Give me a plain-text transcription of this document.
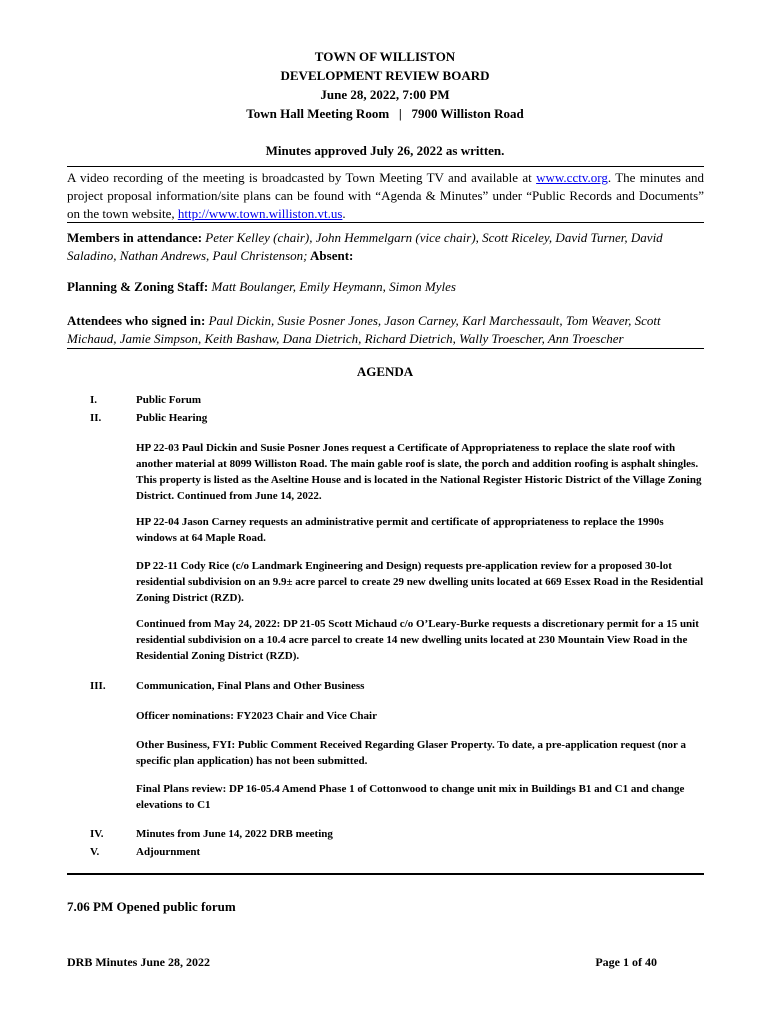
TOWN OF WILLISTON
DEVELOPMENT REVIEW BOARD
June 28, 2022, 7:00 PM
Town Hall Meeting Room   |   7900 Williston Road
Minutes approved July 26, 2022 as written.
A video recording of the meeting is broadcasted by Town Meeting TV and available at www.cctv.org. The minutes and project proposal information/site plans can be found with “Agenda & Minutes” under “Public Records and Documents” on the town website, http://www.town.williston.vt.us.
Members in attendance: Peter Kelley (chair), John Hemmelgarn (vice chair), Scott Riceley, David Turner, David Saladino, Nathan Andrews, Paul Christenson; Absent:
Planning & Zoning Staff: Matt Boulanger, Emily Heymann, Simon Myles
Attendees who signed in: Paul Dickin, Susie Posner Jones, Jason Carney, Karl Marchessault, Tom Weaver, Scott Michaud, Jamie Simpson, Keith Bashaw, Dana Dietrich, Richard Dietrich, Wally Troescher, Ann Troescher
AGENDA
I.	Public Forum
II.	Public Hearing
HP 22-03 Paul Dickin and Susie Posner Jones request a Certificate of Appropriateness to replace the slate roof with another material at 8099 Williston Road. The main gable roof is slate, the porch and addition roofing is asphalt shingles. This property is listed as the Aseltine House and is located in the National Register Historic District of the Village Zoning District. Continued from June 14, 2022.
HP 22-04 Jason Carney requests an administrative permit and certificate of appropriateness to replace the 1990s windows at 64 Maple Road.
DP 22-11 Cody Rice (c/o Landmark Engineering and Design) requests pre-application review for a proposed 30-lot residential subdivision on an 9.9± acre parcel to create 29 new dwelling units located at 669 Essex Road in the Residential Zoning District (RZD).
Continued from May 24, 2022: DP 21-05 Scott Michaud c/o O’Leary-Burke requests a discretionary permit for a 15 unit residential subdivision on a 10.4 acre parcel to create 14 new dwelling units located at 230 Mountain View Road in the Residential Zoning District (RZD).
III.	Communication, Final Plans and Other Business
Officer nominations: FY2023 Chair and Vice Chair
Other Business, FYI: Public Comment Received Regarding Glaser Property. To date, a pre-application request (nor a specific plan application) has not been submitted.
Final Plans review: DP 16-05.4 Amend Phase 1 of Cottonwood to change unit mix in Buildings B1 and C1 and change elevations to C1
IV.	Minutes from June 14, 2022 DRB meeting
V.	Adjournment
7.06 PM Opened public forum
DRB Minutes June 28, 2022	Page 1 of 40
